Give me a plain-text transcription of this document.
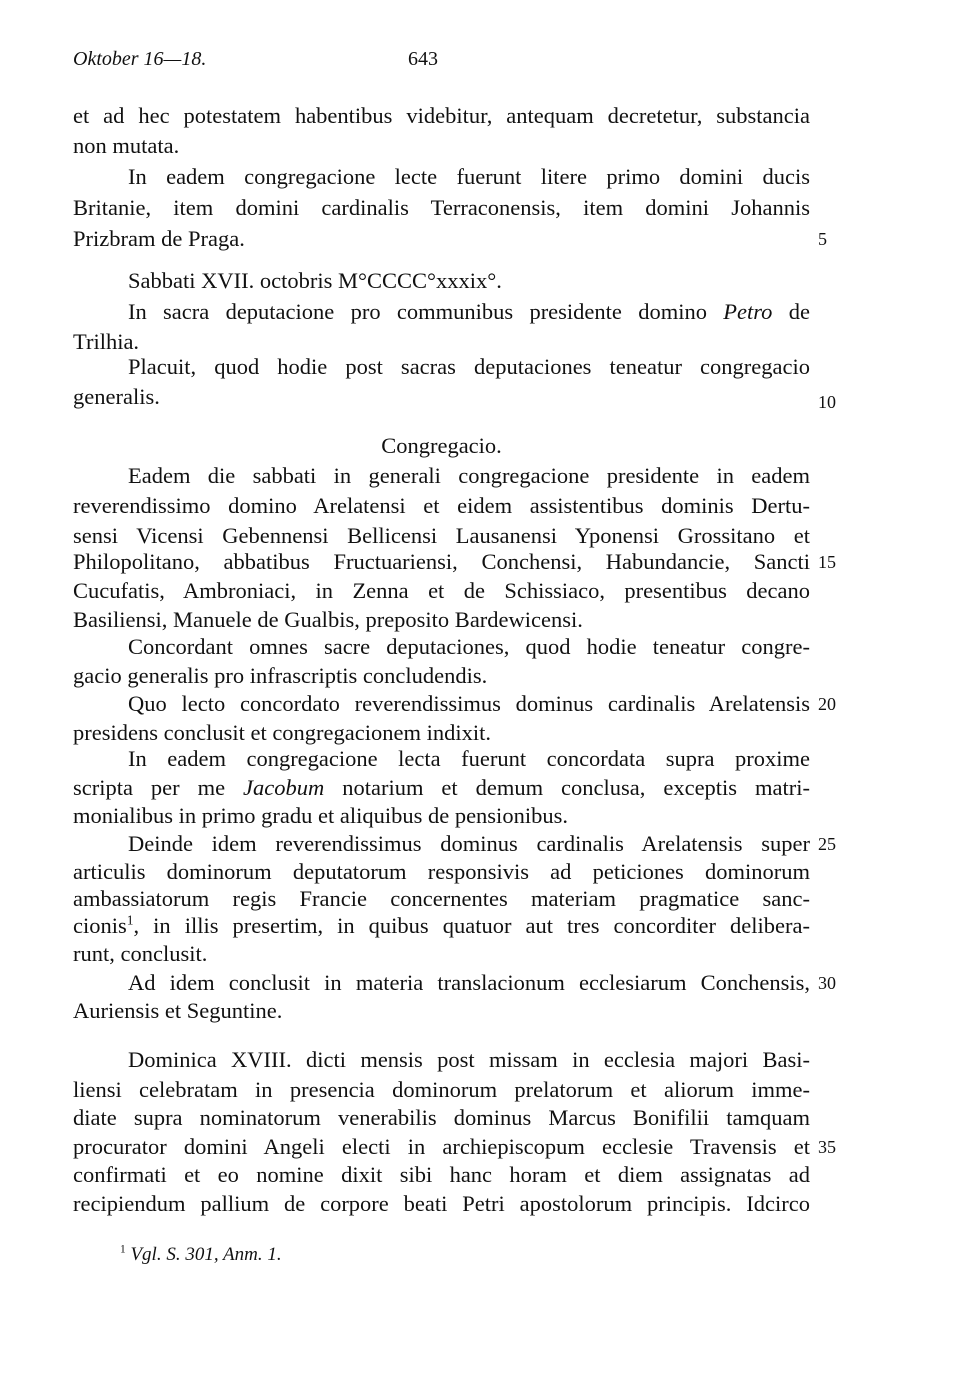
Oktober 16—18.	643
et ad hec potestatem habentibus videbitur, antequam decretetur, substancia
non mutata.
In eadem congregacione lecte fuerunt litere primo domini ducis
Britanie, item domini cardinalis Terraconensis, item domini Johannis
Prizbram de Praga.	5
Sabbati XVII. octobris M°CCCC°xxxix°.
In sacra deputacione pro communibus presidente domino Petro de
Trilhia.
Placuit, quod hodie post sacras deputaciones teneatur congregacio
generalis.	10
Congregacio.
Eadem die sabbati in generali congregacione presidente in eadem
reverendissimo domino Arelatensi et eidem assistentibus dominis Dertu-
sensi Vicensi Gebennensi Bellicensi Lausanensi Yponensi Grossitano et
Philopolitano, abbatibus Fructuariensi, Conchensi, Habundancie, Sancti 15
Cucufatis, Ambroniaci, in Zenna et de Schissiaco, presentibus decano
Basiliensi, Manuele de Gualbis, preposito Bardewicensi.
Concordant omnes sacre deputaciones, quod hodie teneatur congre-
gacio generalis pro infrascriptis concludendis.
Quo lecto concordato reverendissimus dominus cardinalis Arelatensis 20
presidens conclusit et congregacionem indixit.
In eadem congregacione lecta fuerunt concordata supra proxime
scripta per me Jacobum notarium et demum conclusa, exceptis matri-
monialibus in primo gradu et aliquibus de pensionibus.
Deinde idem reverendissimus dominus cardinalis Arelatensis super 25
articulis dominorum deputatorum responsivis ad peticiones dominorum
ambassiatorum regis Francie concernentes materiam pragmatice sanc-
cionis$^1$, in illis presertim, in quibus quatuor aut tres concorditer delibera-
runt, conclusit.
Ad idem conclusit in materia translacionum ecclesiarum Conchensis, 30
Auriensis et Seguntine.
Dominica XVIII. dicti mensis post missam in ecclesia majori Basi-
liensi celebratam in presencia dominorum prelatorum et aliorum imme-
diate supra nominatorum venerabilis dominus Marcus Bonifilii tamquam
procurator domini Angeli electi in archiepiscopum ecclesie Travensis et 35
confirmati et eo nomine dixit sibi hanc horam et diem assignatas ad
recipiendum pallium de corpore beati Petri apostolorum principis. Idcirco
$^1$ Vgl. S. 301, Anm. 1.
